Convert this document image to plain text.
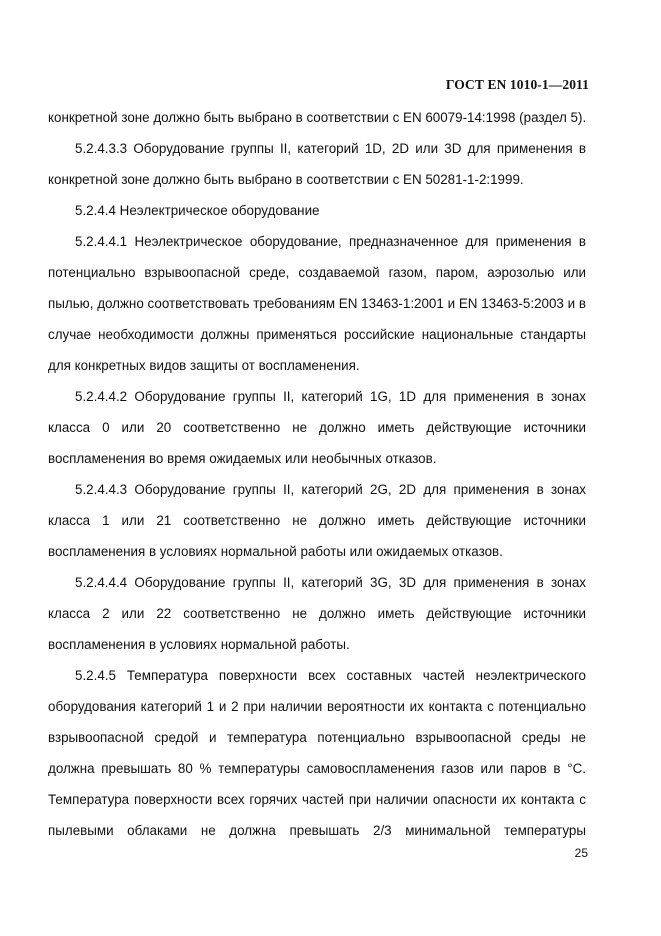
ГОСТ EN 1010-1—2011
конкретной зоне должно быть выбрано в соответствии с EN 60079-14:1998 (раздел 5).
5.2.4.3.3 Оборудование группы II, категорий 1D, 2D или 3D для применения в
конкретной зоне должно быть выбрано в соответствии с EN 50281-1-2:1999.
5.2.4.4 Неэлектрическое оборудование
5.2.4.4.1 Неэлектрическое оборудование, предназначенное для применения в
потенциально взрывоопасной среде, создаваемой газом, паром, аэрозолью или
пылью, должно соответствовать требованиям EN 13463-1:2001 и EN 13463-5:2003 и в
случае необходимости должны применяться российские национальные стандарты
для конкретных видов защиты от воспламенения.
5.2.4.4.2 Оборудование группы II, категорий 1G, 1D для применения в зонах
класса 0 или 20 соответственно не должно иметь действующие источники
воспламенения во время ожидаемых или необычных отказов.
5.2.4.4.3 Оборудование группы II, категорий 2G, 2D для применения в зонах
класса 1 или 21 соответственно не должно иметь действующие источники
воспламенения в условиях нормальной работы или ожидаемых отказов.
5.2.4.4.4 Оборудование группы II, категорий 3G, 3D для применения в зонах
класса 2 или 22 соответственно не должно иметь действующие источники
воспламенения в условиях нормальной работы.
5.2.4.5 Температура поверхности всех составных частей неэлектрического
оборудования категорий 1 и 2 при наличии вероятности их контакта с потенциально
взрывоопасной средой и температура потенциально взрывоопасной среды не
должна превышать 80 % температуры самовоспламенения газов или паров в °С.
Температура поверхности всех горячих частей при наличии опасности их контакта с
пылевыми облаками не должна превышать 2/3 минимальной температуры
25
